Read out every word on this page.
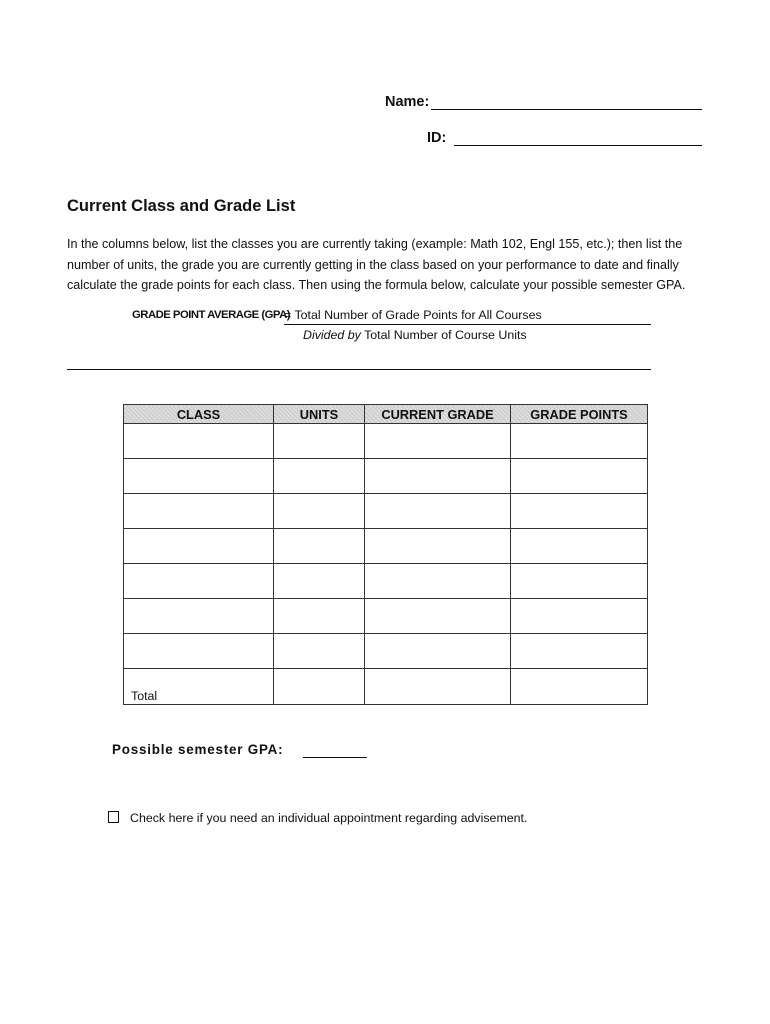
Name:
ID:
Current Class and Grade List
In the columns below, list the classes you are currently taking (example: Math 102, Engl 155, etc.); then list the
number of units, the grade you are currently getting in the class based on your performance to date and finally
calculate the grade points for each class. Then using the formula below, calculate your possible semester GPA.
GRADE POINT AVERAGE (GPA)
= Total Number of Grade Points for All Courses
Divided by Total Number of Course Units
CLASS	UNITS	CURRENT GRADE	GRADE POINTS

Total			
Possible semester GPA:
Check here if you need an individual appointment regarding advisement.
